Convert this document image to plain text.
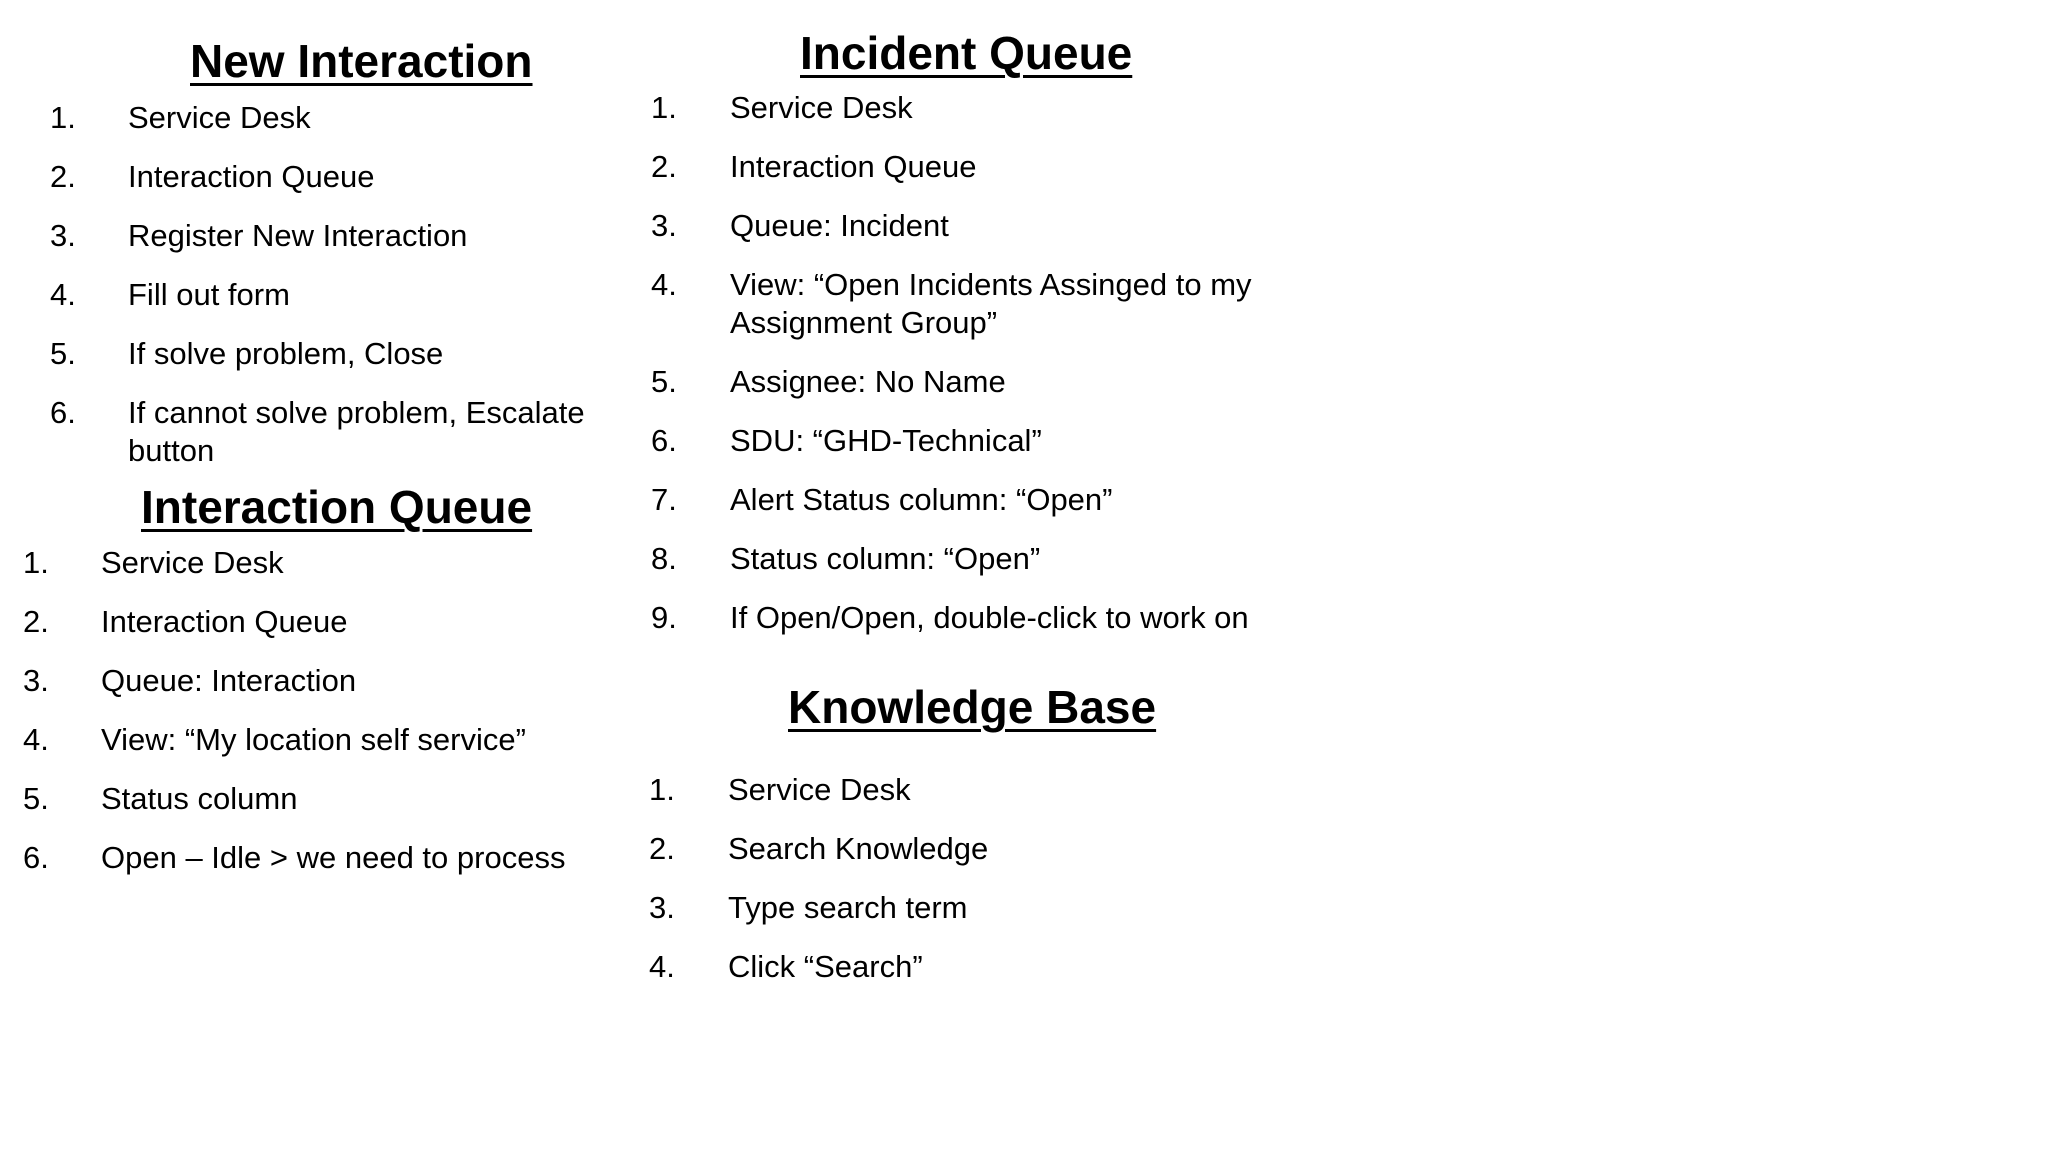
New Interaction
1. Service Desk
2. Interaction Queue
3. Register New Interaction
4. Fill out form
5. If solve problem, Close
6. If cannot solve problem, Escalate button
Interaction Queue
1. Service Desk
2. Interaction Queue
3. Queue: Interaction
4. View: “My location self service”
5. Status column
6. Open – Idle > we need to process
Incident Queue
1. Service Desk
2. Interaction Queue
3. Queue: Incident
4. View: “Open Incidents Assinged to my Assignment Group”
5. Assignee: No Name
6. SDU: “GHD-Technical”
7. Alert Status column: “Open”
8. Status column: “Open”
9. If Open/Open, double-click to work on
Knowledge Base
1. Service Desk
2. Search Knowledge
3. Type search term
4. Click “Search”
